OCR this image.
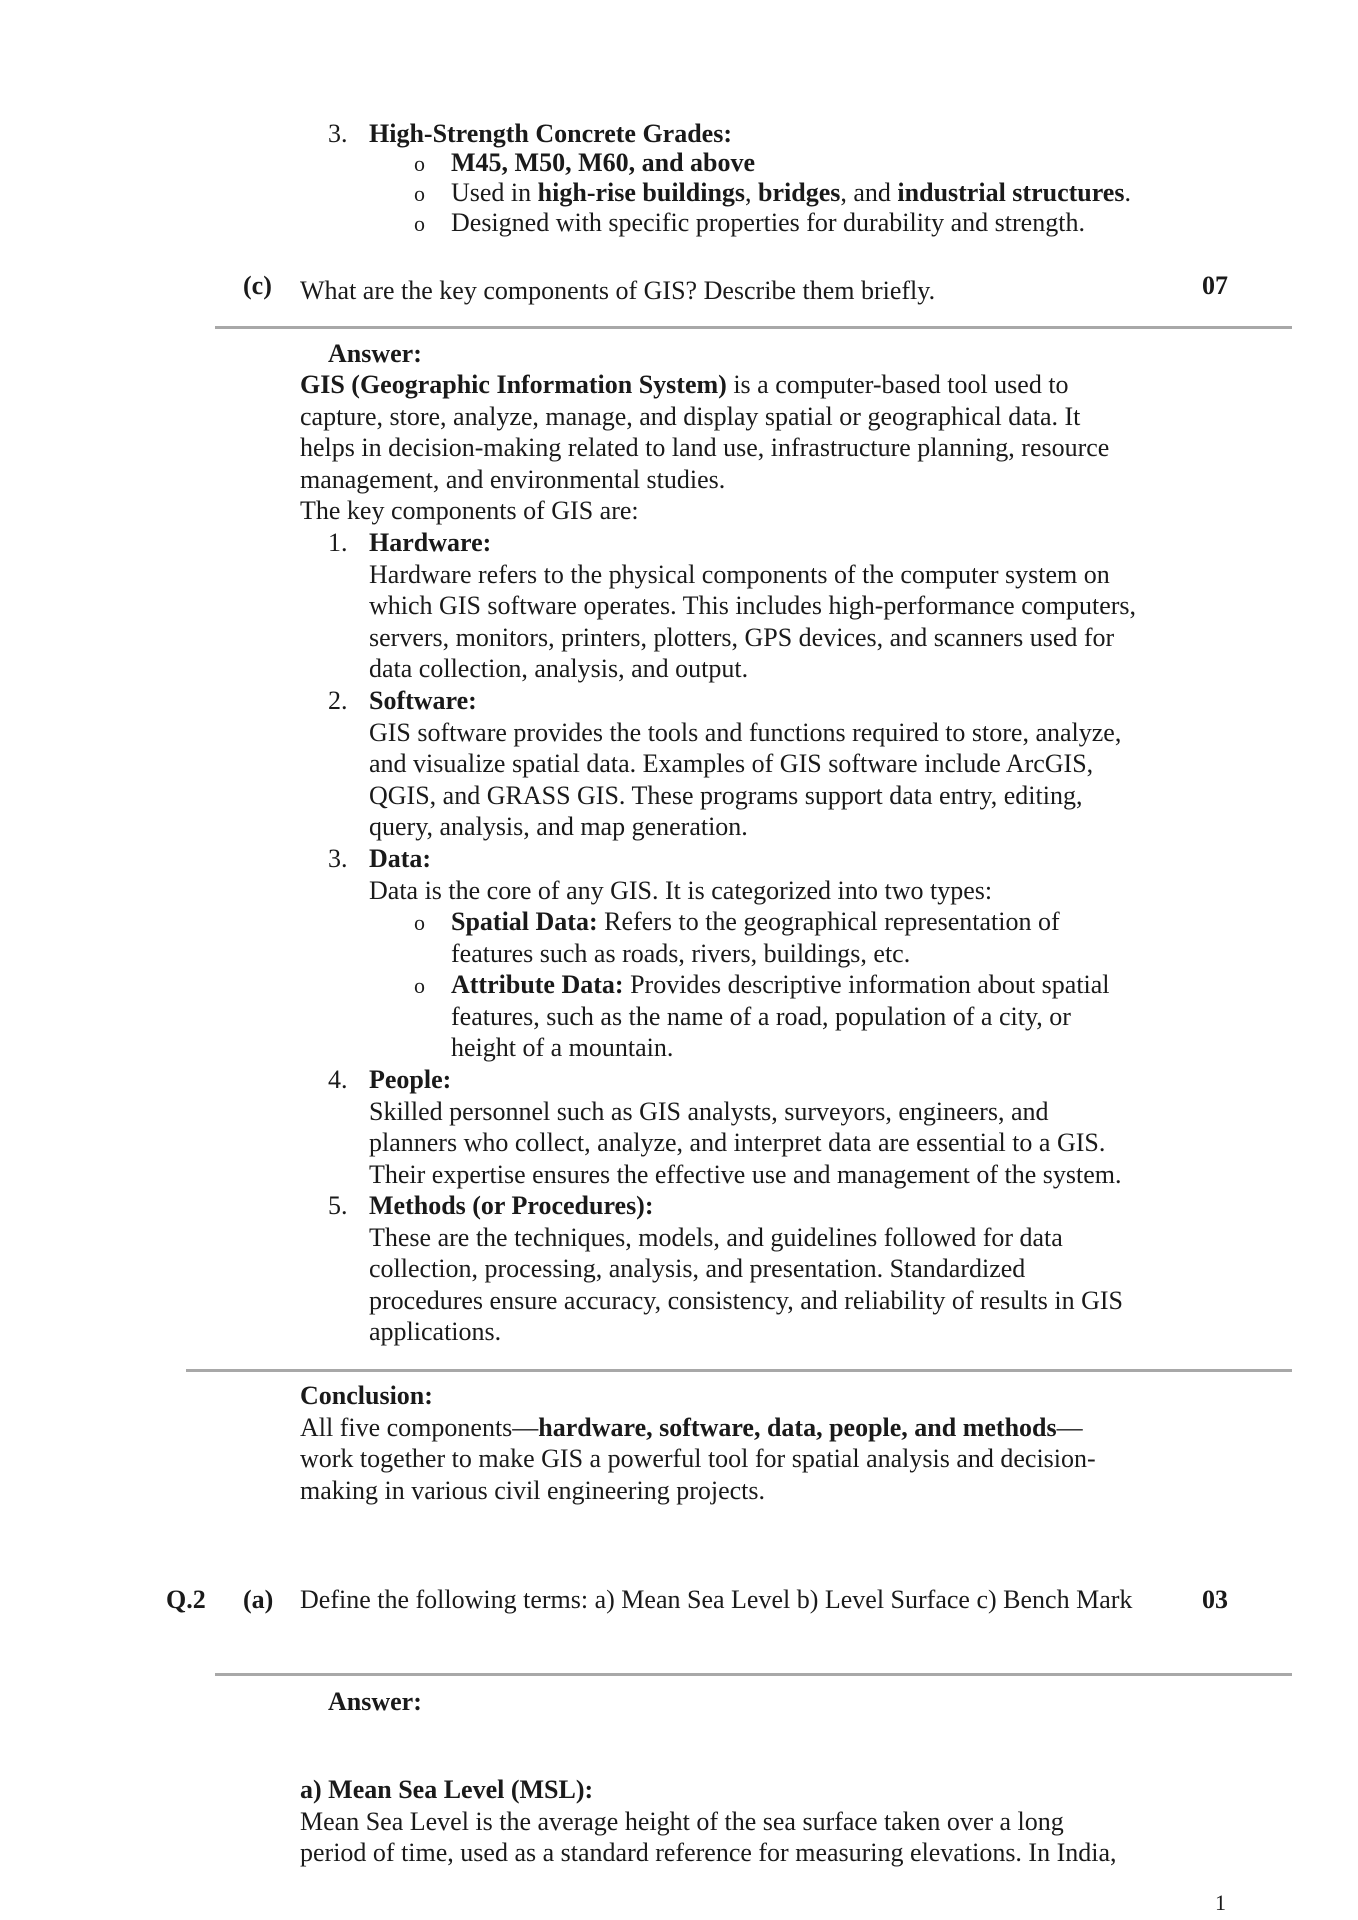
3. High-Strength Concrete Grades:
o M45, M50, M60, and above
o Used in high-rise buildings, bridges, and industrial structures.
o Designed with specific properties for durability and strength.
(c) What are the key components of GIS? Describe them briefly.	07
Answer:
GIS (Geographic Information System) is a computer-based tool used to
capture, store, analyze, manage, and display spatial or geographical data. It
helps in decision-making related to land use, infrastructure planning, resource
management, and environmental studies.
The key components of GIS are:
1. Hardware:
Hardware refers to the physical components of the computer system on
which GIS software operates. This includes high-performance computers,
servers, monitors, printers, plotters, GPS devices, and scanners used for
data collection, analysis, and output.
2. Software:
GIS software provides the tools and functions required to store, analyze,
and visualize spatial data. Examples of GIS software include ArcGIS,
QGIS, and GRASS GIS. These programs support data entry, editing,
query, analysis, and map generation.
3. Data:
Data is the core of any GIS. It is categorized into two types:
o Spatial Data: Refers to the geographical representation of
features such as roads, rivers, buildings, etc.
o Attribute Data: Provides descriptive information about spatial
features, such as the name of a road, population of a city, or
height of a mountain.
4. People:
Skilled personnel such as GIS analysts, surveyors, engineers, and
planners who collect, analyze, and interpret data are essential to a GIS.
Their expertise ensures the effective use and management of the system.
5. Methods (or Procedures):
These are the techniques, models, and guidelines followed for data
collection, processing, analysis, and presentation. Standardized
procedures ensure accuracy, consistency, and reliability of results in GIS
applications.
Conclusion:
All five components—hardware, software, data, people, and methods—
work together to make GIS a powerful tool for spatial analysis and decision-
making in various civil engineering projects.
Q.2 (a) Define the following terms: a) Mean Sea Level b) Level Surface c) Bench Mark	03
Answer:
a) Mean Sea Level (MSL):
Mean Sea Level is the average height of the sea surface taken over a long
period of time, used as a standard reference for measuring elevations. In India,
1
